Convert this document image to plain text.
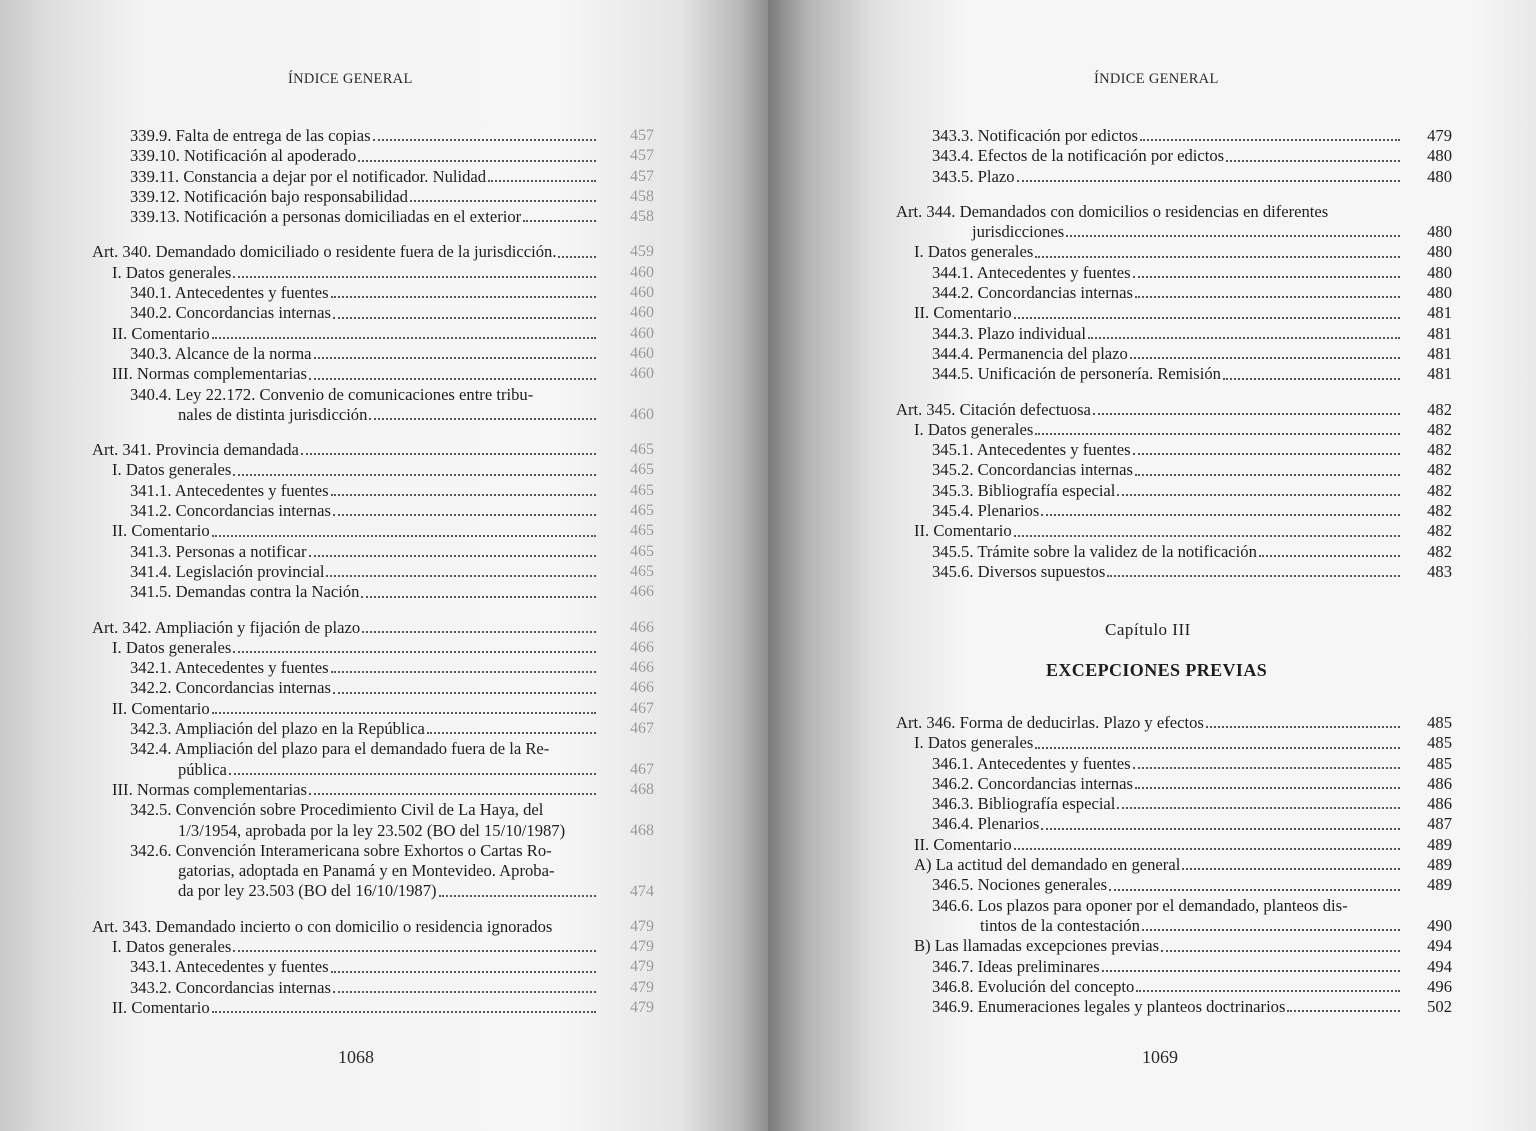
ÍNDICE GENERAL
339.9. Falta de entrega de las copias	457
339.10. Notificación al apoderado	457
339.11. Constancia a dejar por el notificador. Nulidad	457
339.12. Notificación bajo responsabilidad	458
339.13. Notificación a personas domiciliadas en el exterior	458
Art. 340. Demandado domiciliado o residente fuera de la jurisdicción.	459
I. Datos generales	460
340.1. Antecedentes y fuentes	460
340.2. Concordancias internas	460
II. Comentario	460
340.3. Alcance de la norma	460
III. Normas complementarias	460
340.4. Ley 22.172. Convenio de comunicaciones entre tribu-
nales de distinta jurisdicción	460
Art. 341. Provincia demandada	465
I. Datos generales	465
341.1. Antecedentes y fuentes	465
341.2. Concordancias internas	465
II. Comentario	465
341.3. Personas a notificar	465
341.4. Legislación provincial	465
341.5. Demandas contra la Nación	466
Art. 342. Ampliación y fijación de plazo	466
I. Datos generales	466
342.1. Antecedentes y fuentes	466
342.2. Concordancias internas	466
II. Comentario	467
342.3. Ampliación del plazo en la República	467
342.4. Ampliación del plazo para el demandado fuera de la Re-
pública	467
III. Normas complementarias	468
342.5. Convención sobre Procedimiento Civil de La Haya, del
1/3/1954, aprobada por la ley 23.502 (BO del 15/10/1987)	468
342.6. Convención Interamericana sobre Exhortos o Cartas Ro-
gatorias, adoptada en Panamá y en Montevideo. Aproba-
da por ley 23.503 (BO del 16/10/1987)	474
Art. 343. Demandado incierto o con domicilio o residencia ignorados	479
I. Datos generales	479
343.1. Antecedentes y fuentes	479
343.2. Concordancias internas	479
II. Comentario	479
1068
ÍNDICE GENERAL
343.3. Notificación por edictos	479
343.4. Efectos de la notificación por edictos	480
343.5. Plazo	480
Art. 344. Demandados con domicilios o residencias en diferentes
jurisdicciones	480
I. Datos generales	480
344.1. Antecedentes y fuentes	480
344.2. Concordancias internas	480
II. Comentario	481
344.3. Plazo individual	481
344.4. Permanencia del plazo	481
344.5. Unificación de personería. Remisión	481
Art. 345. Citación defectuosa	482
I. Datos generales	482
345.1. Antecedentes y fuentes	482
345.2. Concordancias internas	482
345.3. Bibliografía especial	482
345.4. Plenarios	482
II. Comentario	482
345.5. Trámite sobre la validez de la notificación	482
345.6. Diversos supuestos	483
Art. 346. Forma de deducirlas. Plazo y efectos	485
I. Datos generales	485
346.1. Antecedentes y fuentes	485
346.2. Concordancias internas	486
346.3. Bibliografía especial	486
346.4. Plenarios	487
II. Comentario	489
A) La actitud del demandado en general	489
346.5. Nociones generales	489
346.6. Los plazos para oponer por el demandado, planteos dis-
tintos de la contestación	490
B) Las llamadas excepciones previas	494
346.7. Ideas preliminares	494
346.8. Evolución del concepto	496
346.9. Enumeraciones legales y planteos doctrinarios	502
1069
Capítulo III
EXCEPCIONES PREVIAS
